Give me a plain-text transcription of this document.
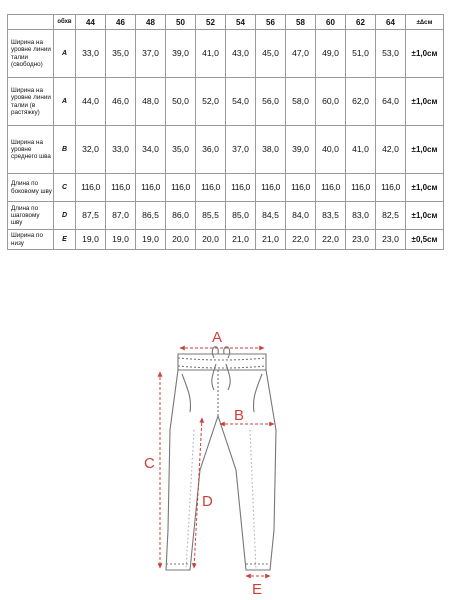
	обхв	44	46	48	50	52	54	56	58	60	62	64	±∆см
Ширина на уровне линии талии (свободно)	A	33,0	35,0	37,0	39,0	41,0	43,0	45,0	47,0	49,0	51,0	53,0	±1,0см
Ширина на уровне линии талии (в растяжку)	A	44,0	46,0	48,0	50,0	52,0	54,0	56,0	58,0	60,0	62,0	64,0	±1,0см
Ширина на уровне среднего шва	B	32,0	33,0	34,0	35,0	36,0	37,0	38,0	39,0	40,0	41,0	42,0	±1,0см
Длина по боковому шву	C	116,0	116,0	116,0	116,0	116,0	116,0	116,0	116,0	116,0	116,0	116,0	±1,0см
Длина по шаговому шву	D	87,5	87,0	86,5	86,0	85,5	85,0	84,5	84,0	83,5	83,0	82,5	±1,0см
Ширина по низу	E	19,0	19,0	19,0	20,0	20,0	21,0	21,0	22,0	22,0	23,0	23,0	±0,5см
A
B
C
D
E
